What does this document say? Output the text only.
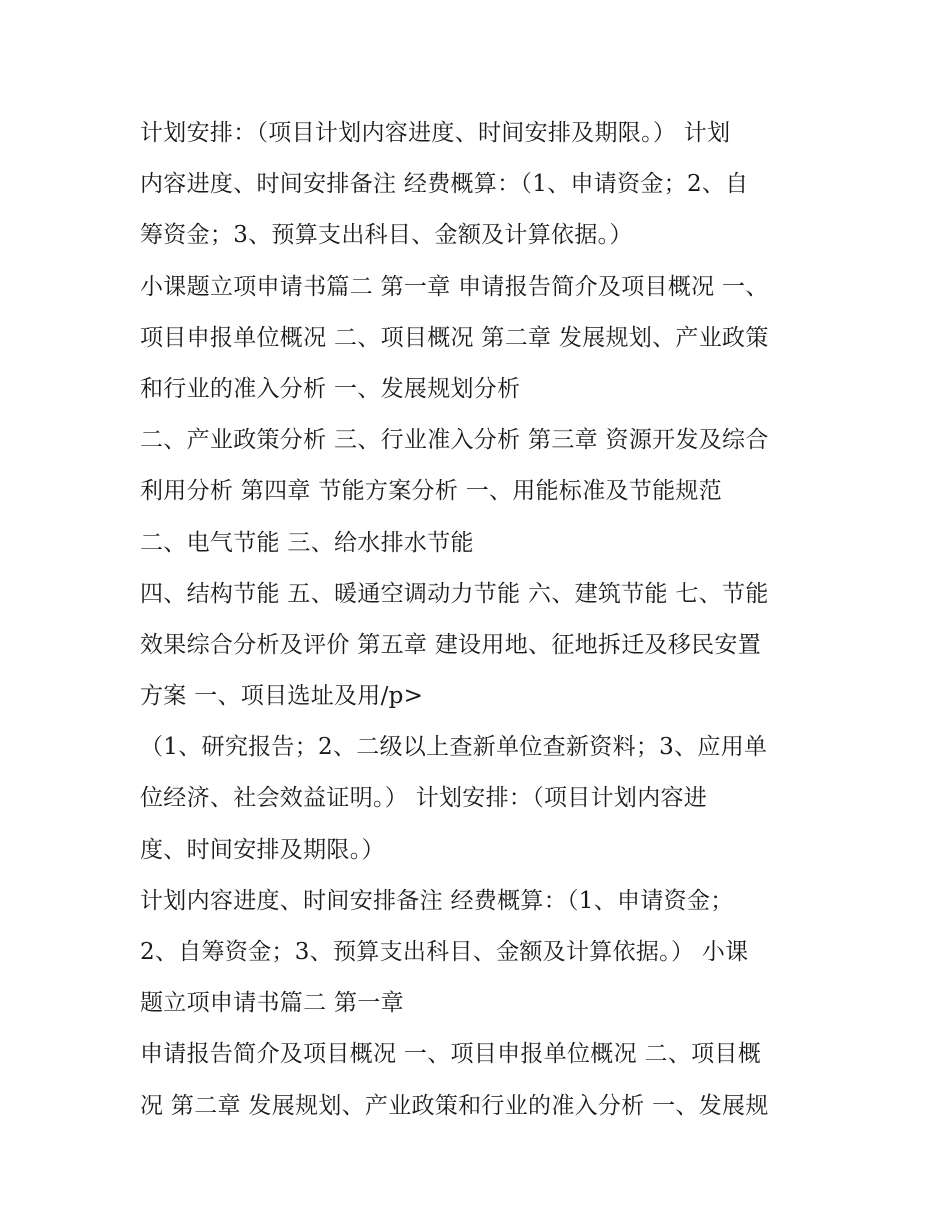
计划安排：（项目计划内容进度、时间安排及期限。） 计划
内容进度、时间安排备注 经费概算：（1、申请资金；2、自
筹资金；3、预算支出科目、金额及计算依据。）
小课题立项申请书篇二 第一章 申请报告简介及项目概况 一、
项目申报单位概况 二、项目概况 第二章 发展规划、产业政策
和行业的准入分析 一、发展规划分析
二、产业政策分析 三、行业准入分析 第三章 资源开发及综合
利用分析 第四章 节能方案分析 一、用能标准及节能规范
二、电气节能 三、给水排水节能
四、结构节能 五、暖通空调动力节能 六、建筑节能 七、节能
效果综合分析及评价 第五章 建设用地、征地拆迁及移民安置
方案 一、项目选址及用/p>
（1、研究报告；2、二级以上查新单位查新资料；3、应用单
位经济、社会效益证明。） 计划安排：（项目计划内容进
度、时间安排及期限。）
计划内容进度、时间安排备注 经费概算：（1、申请资金；
2、自筹资金；3、预算支出科目、金额及计算依据。） 小课
题立项申请书篇二 第一章
申请报告简介及项目概况 一、项目申报单位概况 二、项目概
况 第二章 发展规划、产业政策和行业的准入分析 一、发展规
